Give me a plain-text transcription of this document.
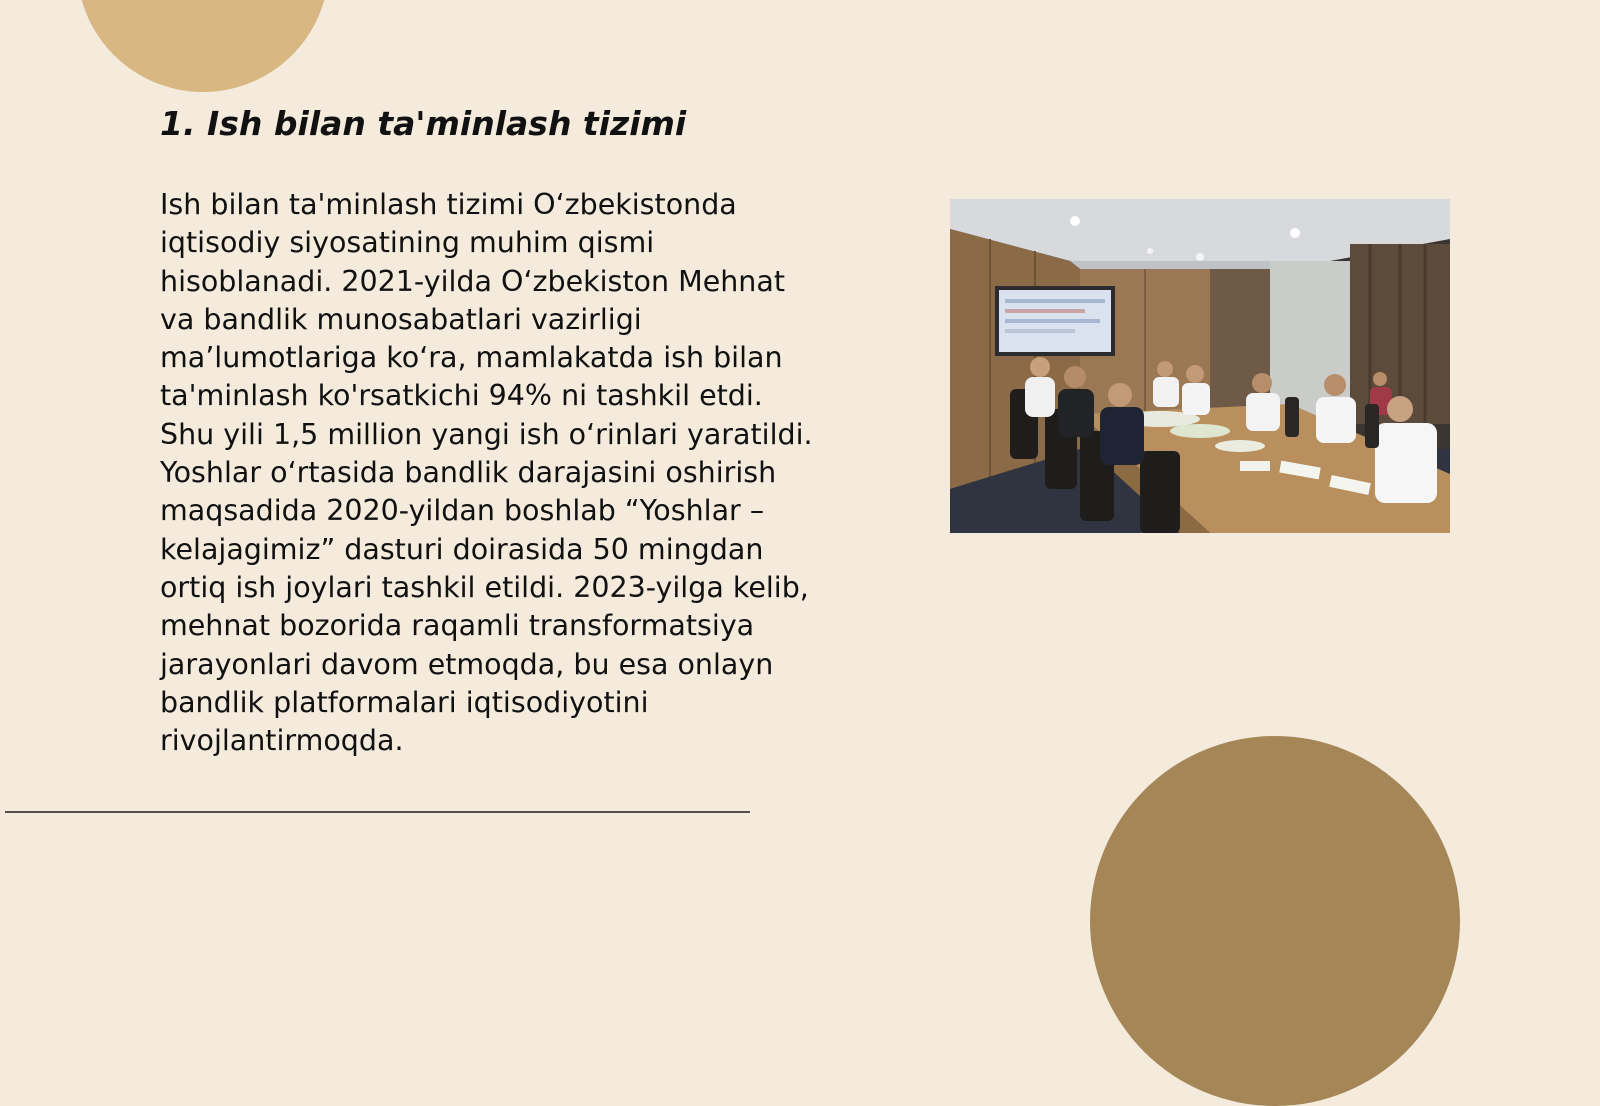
1. Ish bilan ta'minlash tizimi

Ish bilan ta'minlash tizimi O‘zbekistonda
iqtisodiy siyosatining muhim qismi
hisoblanadi. 2021-yilda O‘zbekiston Mehnat
va bandlik munosabatlari vazirligi
ma’lumotlariga ko‘ra, mamlakatda ish bilan
ta'minlash ko'rsatkichi 94% ni tashkil etdi.
Shu yili 1,5 million yangi ish o‘rinlari yaratildi.
Yoshlar o‘rtasida bandlik darajasini oshirish
maqsadida 2020-yildan boshlab “Yoshlar –
kelajagimiz” dasturi doirasida 50 mingdan
ortiq ish joylari tashkil etildi. 2023-yilga kelib,
mehnat bozorida raqamli transformatsiya
jarayonlari davom etmoqda, bu esa onlayn
bandlik platformalari iqtisodiyotini
rivojlantirmoqda.
